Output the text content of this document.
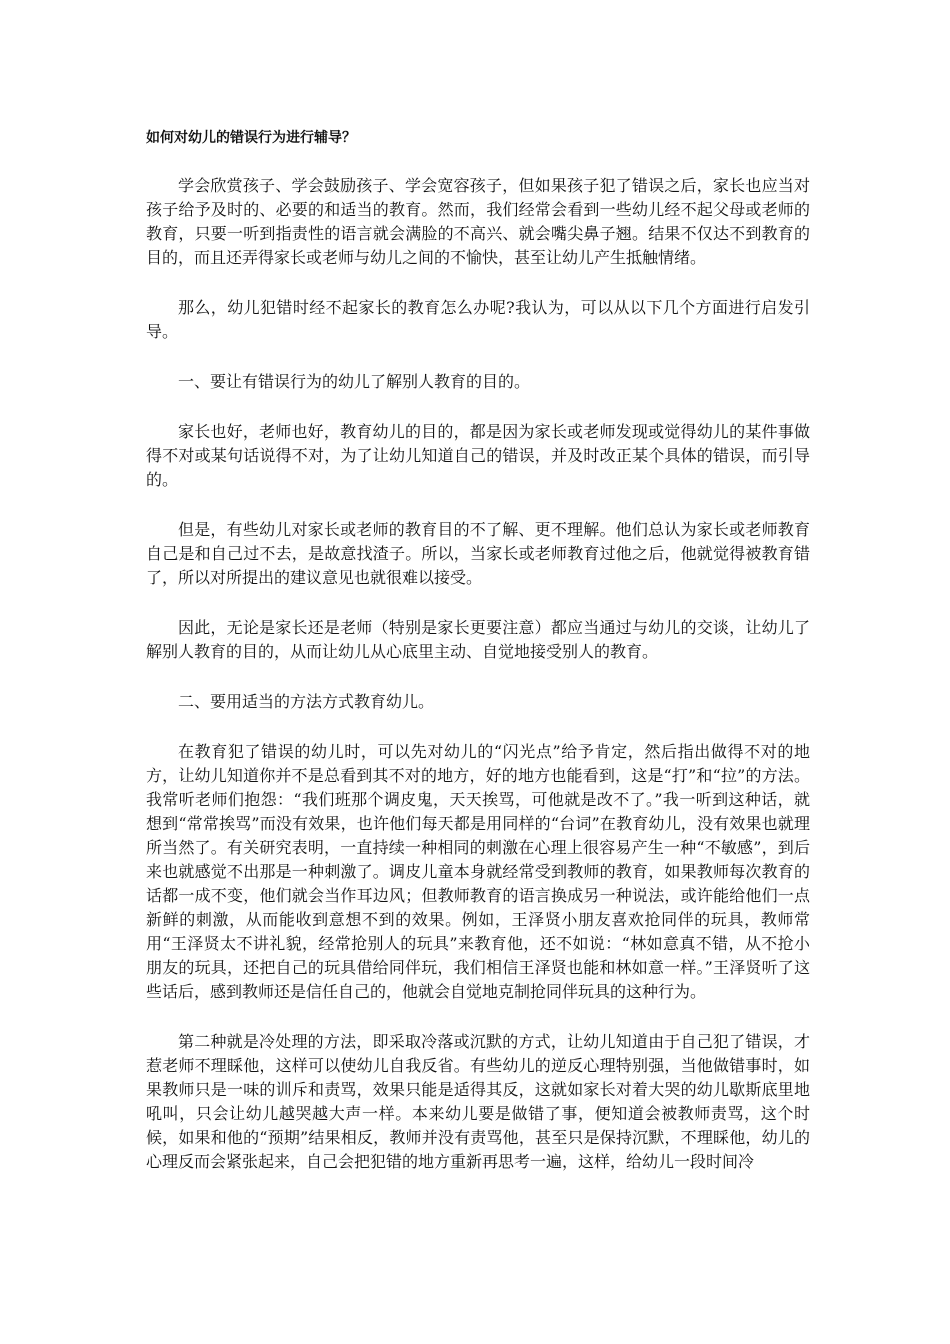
如何对幼儿的错误行为进行辅导？

学会欣赏孩子、学会鼓励孩子、学会宽容孩子，但如果孩子犯了错误之后，家长也应当对孩子给予及时的、必要的和适当的教育。然而，我们经常会看到一些幼儿经不起父母或老师的教育，只要一听到指责性的语言就会满脸的不高兴、就会嘴尖鼻子翘。结果不仅达不到教育的目的，而且还弄得家长或老师与幼儿之间的不愉快，甚至让幼儿产生抵触情绪。

那么，幼儿犯错时经不起家长的教育怎么办呢?我认为，可以从以下几个方面进行启发引导。

一、要让有错误行为的幼儿了解别人教育的目的。

家长也好，老师也好，教育幼儿的目的，都是因为家长或老师发现或觉得幼儿的某件事做得不对或某句话说得不对，为了让幼儿知道自己的错误，并及时改正某个具体的错误，而引导的。

但是，有些幼儿对家长或老师的教育目的不了解、更不理解。他们总认为家长或老师教育自己是和自己过不去，是故意找渣子。所以，当家长或老师教育过他之后，他就觉得被教育错了，所以对所提出的建议意见也就很难以接受。

因此，无论是家长还是老师（特别是家长更要注意）都应当通过与幼儿的交谈，让幼儿了解别人教育的目的，从而让幼儿从心底里主动、自觉地接受别人的教育。

二、要用适当的方法方式教育幼儿。

在教育犯了错误的幼儿时，可以先对幼儿的“闪光点”给予肯定，然后指出做得不对的地方，让幼儿知道你并不是总看到其不对的地方，好的地方也能看到，这是“打”和“拉”的方法。我常听老师们抱怨：“我们班那个调皮鬼，天天挨骂，可他就是改不了。”我一听到这种话，就想到“常常挨骂”而没有效果，也许他们每天都是用同样的“台词”在教育幼儿，没有效果也就理所当然了。有关研究表明，一直持续一种相同的刺激在心理上很容易产生一种“不敏感”，到后来也就感觉不出那是一种刺激了。调皮儿童本身就经常受到教师的教育，如果教师每次教育的话都一成不变，他们就会当作耳边风；但教师教育的语言换成另一种说法，或许能给他们一点新鲜的刺激，从而能收到意想不到的效果。例如，王泽贤小朋友喜欢抢同伴的玩具，教师常用“王泽贤太不讲礼貌，经常抢别人的玩具”来教育他，还不如说：“林如意真不错，从不抢小朋友的玩具，还把自己的玩具借给同伴玩，我们相信王泽贤也能和林如意一样。”王泽贤听了这些话后，感到教师还是信任自己的，他就会自觉地克制抢同伴玩具的这种行为。

第二种就是冷处理的方法，即采取冷落或沉默的方式，让幼儿知道由于自己犯了错误，才惹老师不理睬他，这样可以使幼儿自我反省。有些幼儿的逆反心理特别强，当他做错事时，如果教师只是一味的训斥和责骂，效果只能是适得其反，这就如家长对着大哭的幼儿歇斯底里地吼叫，只会让幼儿越哭越大声一样。本来幼儿要是做错了事，便知道会被教师责骂，这个时候，如果和他的“预期”结果相反，教师并没有责骂他，甚至只是保持沉默，不理睬他，幼儿的心理反而会紧张起来，自己会把犯错的地方重新再思考一遍，这样，给幼儿一段时间冷
